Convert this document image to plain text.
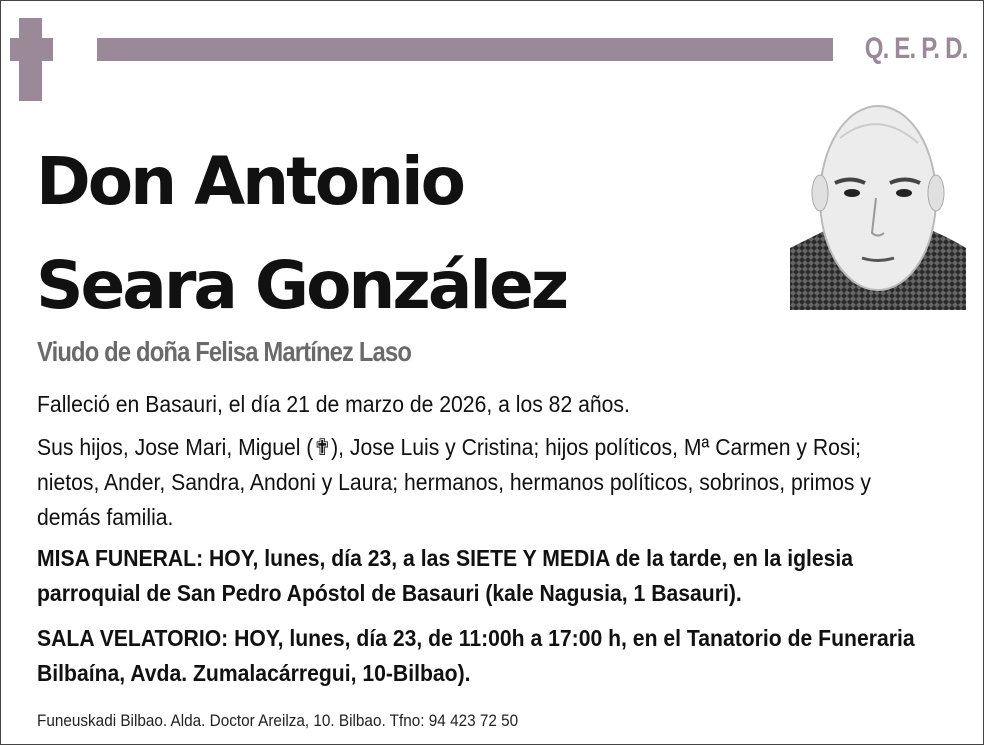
Q. E. P. D.
Don Antonio
Seara González
Viudo de doña Felisa Martínez Laso
Falleció en Basauri, el día 21 de marzo de 2026, a los 82 años.
Sus hijos, Jose Mari, Miguel (✟), Jose Luis y Cristina; hijos políticos, Mª Carmen y Rosi; nietos, Ander, Sandra, Andoni y Laura; hermanos, hermanos políticos, sobrinos, primos y demás familia.
MISA FUNERAL: HOY, lunes, día 23, a las SIETE Y MEDIA de la tarde, en la iglesia parroquial de San Pedro Apóstol de Basauri (kale Nagusia, 1 Basauri).
SALA VELATORIO: HOY, lunes, día 23, de 11:00h a 17:00 h, en el Tanatorio de Funeraria Bilbaína, Avda. Zumalacárregui, 10-Bilbao).
Funeuskadi Bilbao. Alda. Doctor Areilza, 10. Bilbao. Tfno: 94 423 72 50
